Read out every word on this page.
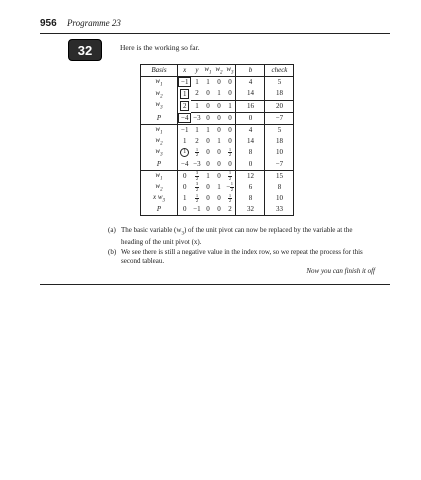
956 Programme 23
32	Here is the working so far.
Basis	x	y	$w_1$	$w_2$	$w_3$	b	check
$w_1$	−1	1	1	0	0	4	5
$w_2$	1	2	0	1	0	14	18
$w_3$	2	1	0	0	1	16	20
P	−4	−3	0	0	0	0	−7
$w_1$	−1	1	1	0	0	4	5
$w_2$	1	2	0	1	0	14	18
$w_3$	1	$\frac{1}{2}$	0	0	$\frac{1}{2}$	8	10
P	−4	−3	0	0	0	0	−7
$w_1$	0	$\frac{3}{2}$	1	0	$\frac{1}{2}$	12	15
$w_2$	0	$\frac{3}{2}$	0	1	− $\frac{1}{2}$	6	8
x $w_3$	1	$\frac{1}{2}$	0	0	$\frac{1}{2}$	8	10
P	0	−1	0	0	2	32	33
(a) The basic variable $(w_3)$ of the unit pivot can now be replaced by the variable at the heading of the unit pivot (x).
(b) We see there is still a negative value in the index row, so we repeat the process for this second tableau.
Now you can finish it off
